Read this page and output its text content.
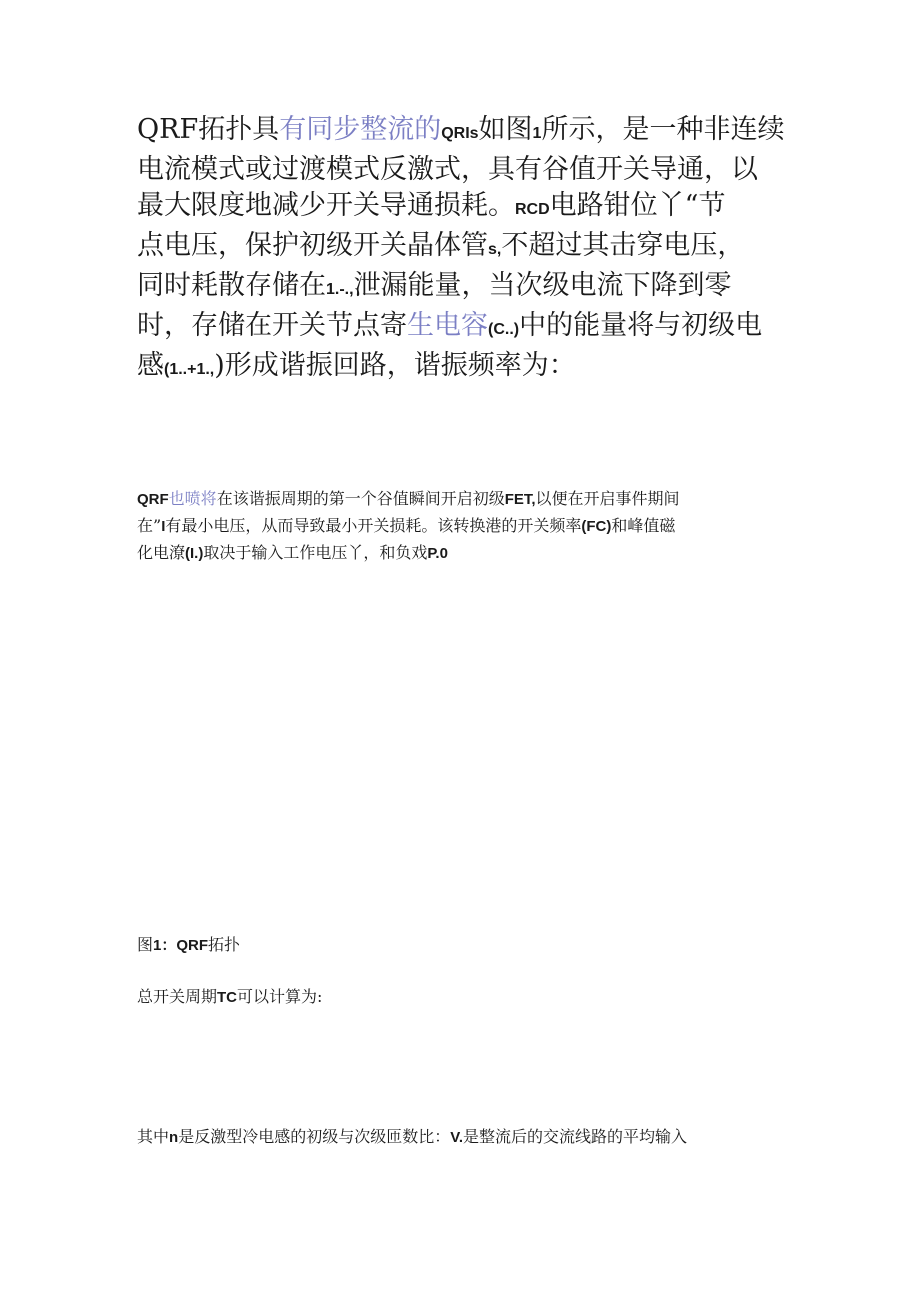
QRF拓扑具有同步整流的QRIs如图1所示，是一种非连续
电流模式或过渡模式反激式，具有谷值开关导通，以
最大限度地减少开关导通损耗。RCD电路钳位丫“节
点电压，保护初级开关晶体管s,不超过其击穿电压，
同时耗散存储在1.-.,泄漏能量，当次级电流下降到零
时，存储在开关节点寄生电容(C..)中的能量将与初级电
感(1..+1.,)形成谐振回路，谐振频率为：
QRF也喷将在该谐振周期的第一个谷值瞬间开启初级FET,以便在开启事件期间
在”I有最小电压，从而导致最小开关损耗。该转换港的开关频率(FC)和峰值磁
化电潦(I.)取决于输入工作电压丫，和负戏P.0
图1：QRF拓扑
总开关周期TC可以计算为:
其中n是反激型冷电感的初级与次级匝数比：V.是整流后的交流线路的平均输入
